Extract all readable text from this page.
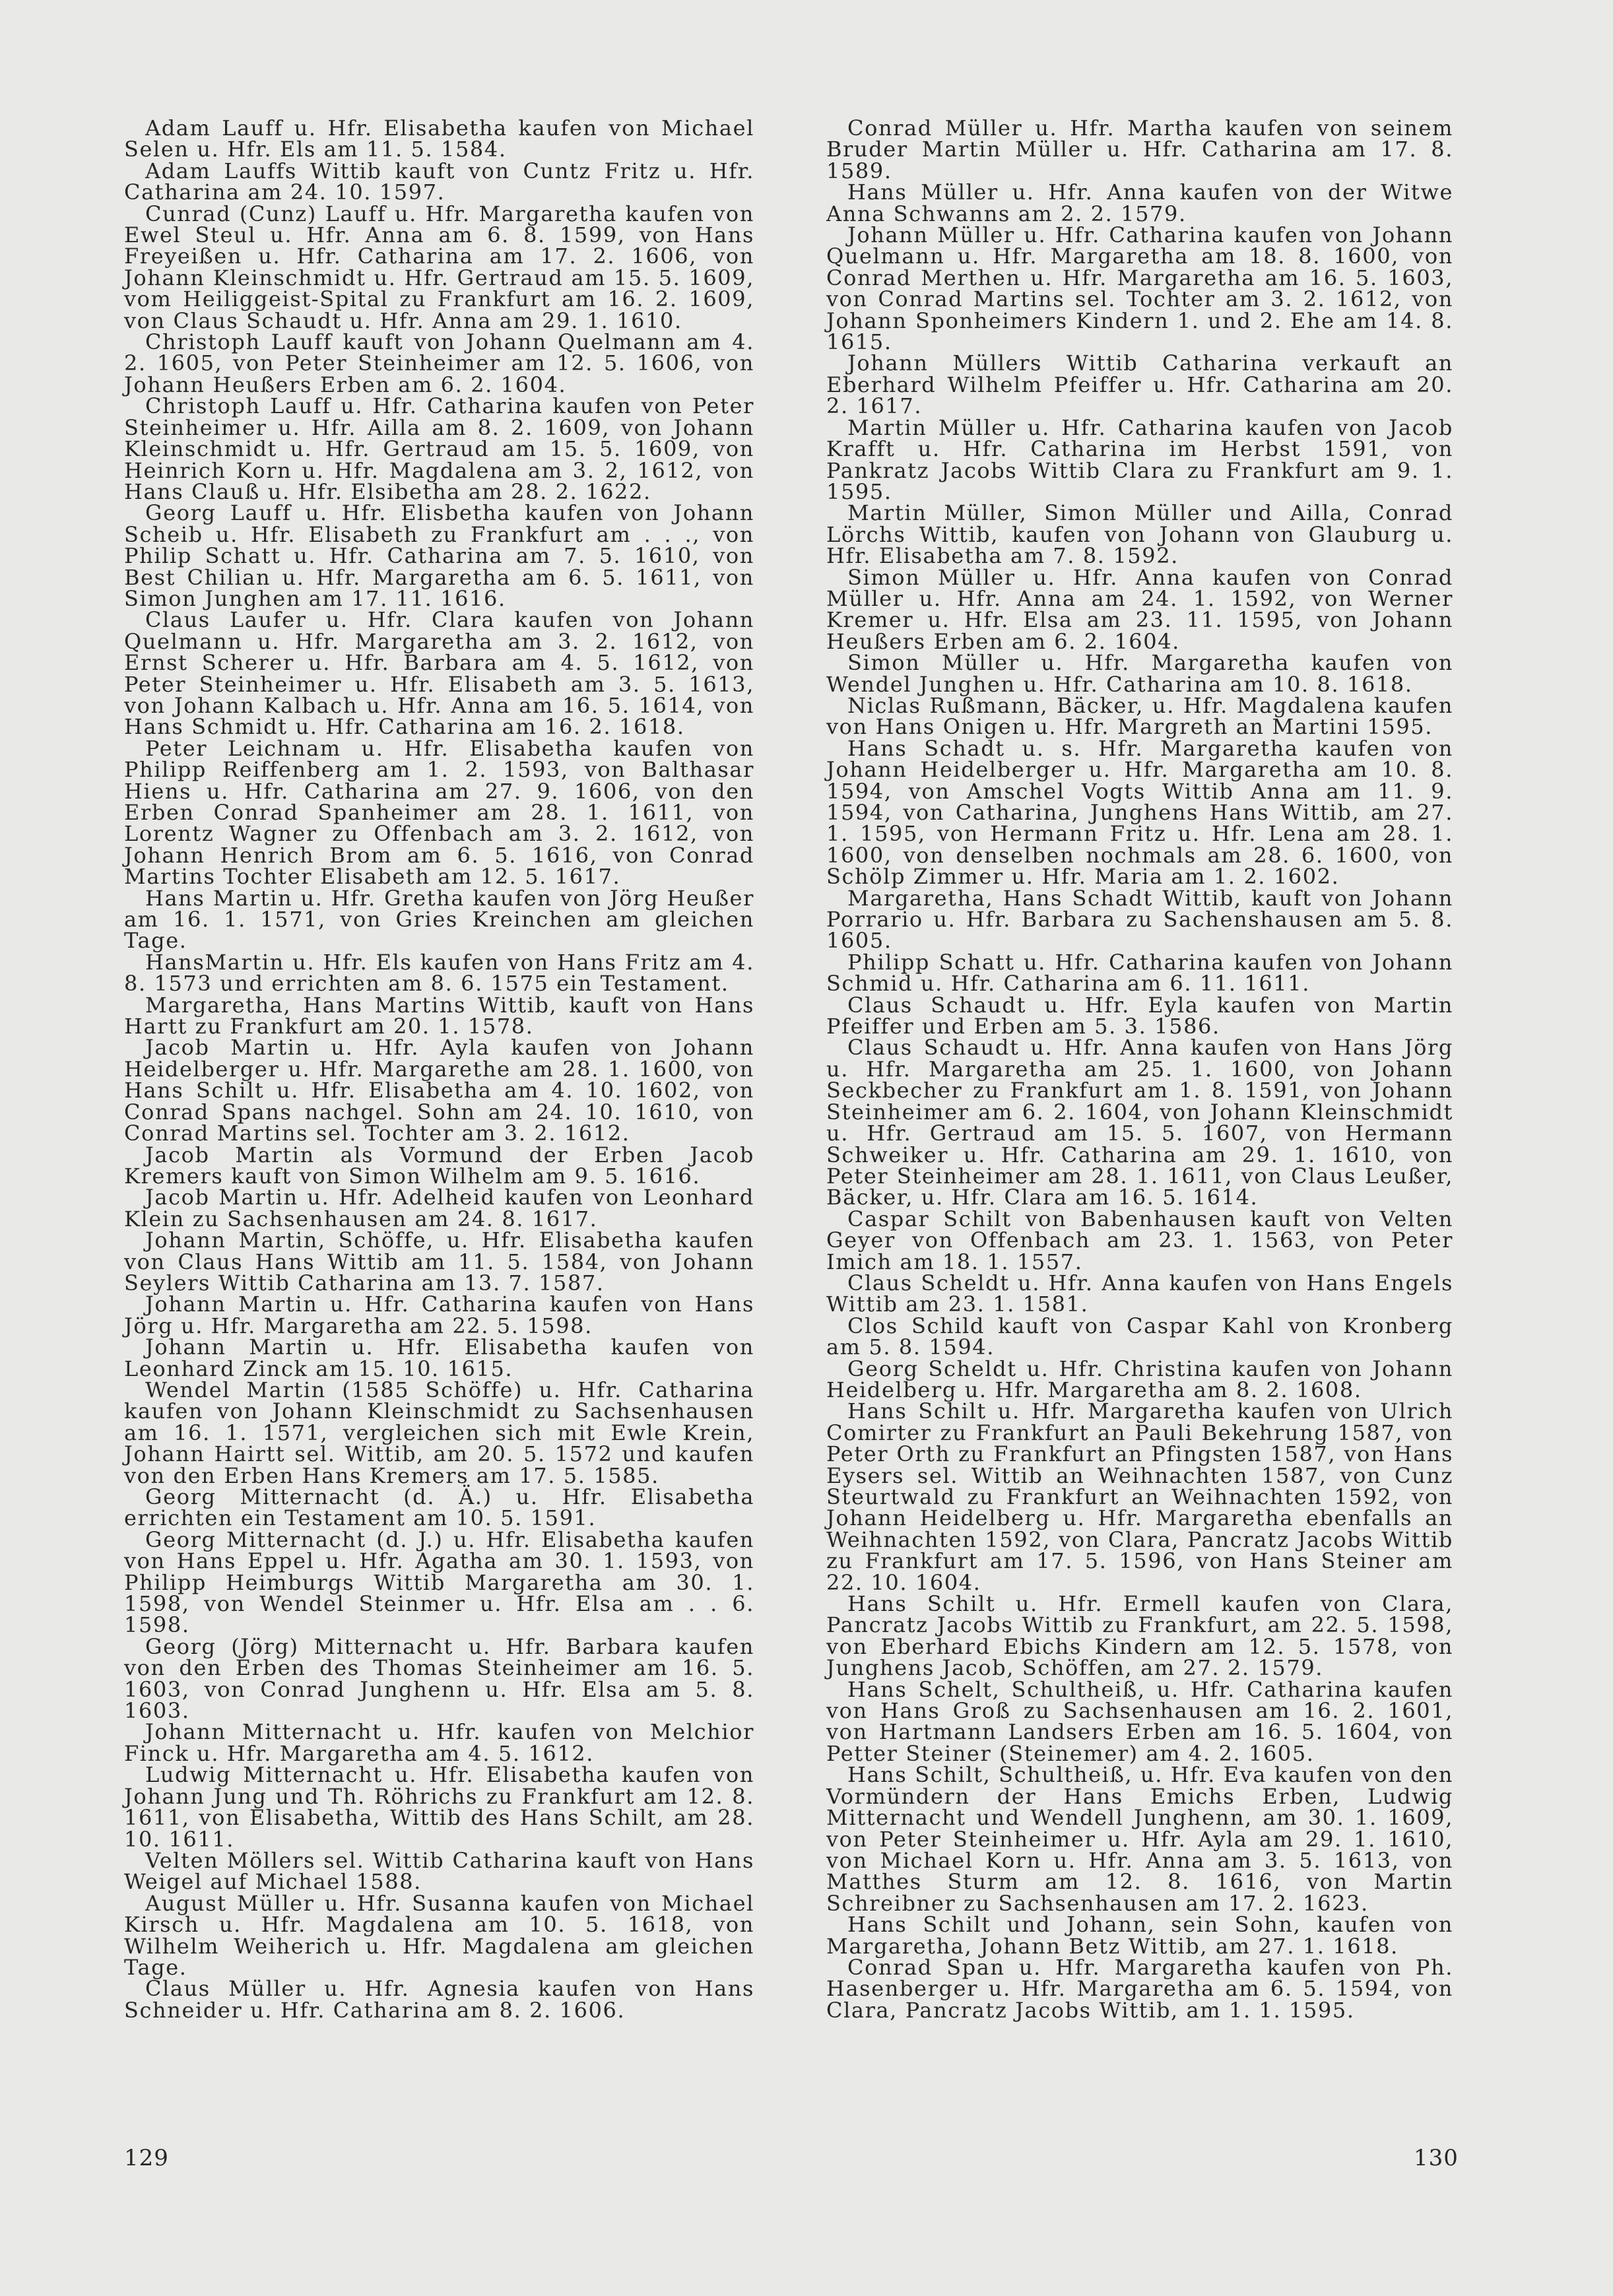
Adam Lauff u. Hfr. Elisabetha kaufen von Michael Selen u. Hfr. Els am 11. 5. 1584.

Adam Lauffs Wittib kauft von Cuntz Fritz u. Hfr. Catharina am 24. 10. 1597.

Cunrad (Cunz) Lauff u. Hfr. Margaretha kaufen von Ewel Steul u. Hfr. Anna am 6. 8. 1599, von Hans Freyeißen u. Hfr. Catharina am 17. 2. 1606, von Johann Kleinschmidt u. Hfr. Gertraud am 15. 5. 1609, vom Heiliggeist-Spital zu Frankfurt am 16. 2. 1609, von Claus Schaudt u. Hfr. Anna am 29. 1. 1610.

Christoph Lauff kauft von Johann Quelmann am 4. 2. 1605, von Peter Steinheimer am 12. 5. 1606, von Johann Heußers Erben am 6. 2. 1604.

Christoph Lauff u. Hfr. Catharina kaufen von Peter Steinheimer u. Hfr. Ailla am 8. 2. 1609, von Johann Kleinschmidt u. Hfr. Gertraud am 15. 5. 1609, von Heinrich Korn u. Hfr. Magdalena am 3. 2, 1612, von Hans Clauß u. Hfr. Elsibetha am 28. 2. 1622.

Georg Lauff u. Hfr. Elisbetha kaufen von Johann Scheib u. Hfr. Elisabeth zu Frankfurt am . . ., von Philip Schatt u. Hfr. Catharina am 7. 5. 1610, von Best Chilian u. Hfr. Margaretha am 6. 5. 1611, von Simon Junghen am 17. 11. 1616.

Claus Laufer u. Hfr. Clara kaufen von Johann Quelmann u. Hfr. Margaretha am 3. 2. 1612, von Ernst Scherer u. Hfr. Barbara am 4. 5. 1612, von Peter Steinheimer u. Hfr. Elisabeth am 3. 5. 1613, von Johann Kalbach u. Hfr. Anna am 16. 5. 1614, von Hans Schmidt u. Hfr. Catharina am 16. 2. 1618.

Peter Leichnam u. Hfr. Elisabetha kaufen von Philipp Reiffenberg am 1. 2. 1593, von Balthasar Hiens u. Hfr. Catharina am 27. 9. 1606, von den Erben Conrad Spanheimer am 28. 1. 1611, von Lorentz Wagner zu Offenbach am 3. 2. 1612, von Johann Henrich Brom am 6. 5. 1616, von Conrad Martins Tochter Elisabeth am 12. 5. 1617.

Hans Martin u. Hfr. Gretha kaufen von Jörg Heußer am 16. 1. 1571, von Gries Kreinchen am gleichen Tage.

HansMartin u. Hfr. Els kaufen von Hans Fritz am 4. 8. 1573 und errichten am 8. 6. 1575 ein Testament.

Margaretha, Hans Martins Wittib, kauft von Hans Hartt zu Frankfurt am 20. 1. 1578.

Jacob Martin u. Hfr. Ayla kaufen von Johann Heidelberger u. Hfr. Margarethe am 28. 1. 1600, von Hans Schilt u. Hfr. Elisabetha am 4. 10. 1602, von Conrad Spans nachgel. Sohn am 24. 10. 1610, von Conrad Martins sel. Tochter am 3. 2. 1612.

Jacob Martin als Vormund der Erben Jacob Kremers kauft von Simon Wilhelm am 9. 5. 1616.

Jacob Martin u. Hfr. Adelheid kaufen von Leonhard Klein zu Sachsenhausen am 24. 8. 1617.

Johann Martin, Schöffe, u. Hfr. Elisabetha kaufen von Claus Hans Wittib am 11. 5. 1584, von Johann Seylers Wittib Catharina am 13. 7. 1587.

Johann Martin u. Hfr. Catharina kaufen von Hans Jörg u. Hfr. Margaretha am 22. 5. 1598.

Johann Martin u. Hfr. Elisabetha kaufen von Leonhard Zinck am 15. 10. 1615.

Wendel Martin (1585 Schöffe) u. Hfr. Catharina kaufen von Johann Kleinschmidt zu Sachsenhausen am 16. 1. 1571, vergleichen sich mit Ewle Krein, Johann Hairtt sel. Wittib, am 20. 5. 1572 und kaufen von den Erben Hans Kremers am 17. 5. 1585.

Georg Mitternacht (d. Ä.) u. Hfr. Elisabetha errichten ein Testament am 10. 5. 1591.

Georg Mitternacht (d. J.) u. Hfr. Elisabetha kaufen von Hans Eppel u. Hfr. Agatha am 30. 1. 1593, von Philipp Heimburgs Wittib Margaretha am 30. 1. 1598, von Wendel Steinmer u. Hfr. Elsa am . . 6. 1598.

Georg (Jörg) Mitternacht u. Hfr. Barbara kaufen von den Erben des Thomas Steinheimer am 16. 5. 1603, von Conrad Junghenn u. Hfr. Elsa am 5. 8. 1603.

Johann Mitternacht u. Hfr. kaufen von Melchior Finck u. Hfr. Margaretha am 4. 5. 1612.

Ludwig Mitternacht u. Hfr. Elisabetha kaufen von Johann Jung und Th. Röhrichs zu Frankfurt am 12. 8. 1611, von Elisabetha, Wittib des Hans Schilt, am 28. 10. 1611.

Velten Möllers sel. Wittib Catharina kauft von Hans Weigel auf Michael 1588.

August Müller u. Hfr. Susanna kaufen von Michael Kirsch u. Hfr. Magdalena am 10. 5. 1618, von Wilhelm Weiherich u. Hfr. Magdalena am gleichen Tage.

Claus Müller u. Hfr. Agnesia kaufen von Hans Schneider u. Hfr. Catharina am 8. 2. 1606.

Conrad Müller u. Hfr. Martha kaufen von seinem Bruder Martin Müller u. Hfr. Catharina am 17. 8. 1589.

Hans Müller u. Hfr. Anna kaufen von der Witwe Anna Schwanns am 2. 2. 1579.

Johann Müller u. Hfr. Catharina kaufen von Johann Quelmann u. Hfr. Margaretha am 18. 8. 1600, von Conrad Merthen u. Hfr. Margaretha am 16. 5. 1603, von Conrad Martins sel. Tochter am 3. 2. 1612, von Johann Sponheimers Kindern 1. und 2. Ehe am 14. 8. 1615.

Johann Müllers Wittib Catharina verkauft an Eberhard Wilhelm Pfeiffer u. Hfr. Catharina am 20. 2. 1617.

Martin Müller u. Hfr. Catharina kaufen von Jacob Krafft u. Hfr. Catharina im Herbst 1591, von Pankratz Jacobs Wittib Clara zu Frankfurt am 9. 1. 1595.

Martin Müller, Simon Müller und Ailla, Conrad Lörchs Wittib, kaufen von Johann von Glauburg u. Hfr. Elisabetha am 7. 8. 1592.

Simon Müller u. Hfr. Anna kaufen von Conrad Müller u. Hfr. Anna am 24. 1. 1592, von Werner Kremer u. Hfr. Elsa am 23. 11. 1595, von Johann Heußers Erben am 6. 2. 1604.

Simon Müller u. Hfr. Margaretha kaufen von Wendel Junghen u. Hfr. Catharina am 10. 8. 1618.

Niclas Rußmann, Bäcker, u. Hfr. Magdalena kaufen von Hans Onigen u. Hfr. Margreth an Martini 1595.

Hans Schadt u. s. Hfr. Margaretha kaufen von Johann Heidelberger u. Hfr. Margaretha am 10. 8. 1594, von Amschel Vogts Wittib Anna am 11. 9. 1594, von Catharina, Junghens Hans Wittib, am 27. 1. 1595, von Hermann Fritz u. Hfr. Lena am 28. 1. 1600, von denselben nochmals am 28. 6. 1600, von Schölp Zimmer u. Hfr. Maria am 1. 2. 1602.

Margaretha, Hans Schadt Wittib, kauft von Johann Porrario u. Hfr. Barbara zu Sachenshausen am 5. 8. 1605.

Philipp Schatt u. Hfr. Catharina kaufen von Johann Schmid u. Hfr. Catharina am 6. 11. 1611.

Claus Schaudt u. Hfr. Eyla kaufen von Martin Pfeiffer und Erben am 5. 3. 1586.

Claus Schaudt u. Hfr. Anna kaufen von Hans Jörg u. Hfr. Margaretha am 25. 1. 1600, von Johann Seckbecher zu Frankfurt am 1. 8. 1591, von Johann Steinheimer am 6. 2. 1604, von Johann Kleinschmidt u. Hfr. Gertraud am 15. 5. 1607, von Hermann Schweiker u. Hfr. Catharina am 29. 1. 1610, von Peter Steinheimer am 28. 1. 1611, von Claus Leußer, Bäcker, u. Hfr. Clara am 16. 5. 1614.

Caspar Schilt von Babenhausen kauft von Velten Geyer von Offenbach am 23. 1. 1563, von Peter Imich am 18. 1. 1557.

Claus Scheldt u. Hfr. Anna kaufen von Hans Engels Wittib am 23. 1. 1581.

Clos Schild kauft von Caspar Kahl von Kronberg am 5. 8. 1594.

Georg Scheldt u. Hfr. Christina kaufen von Johann Heidelberg u. Hfr. Margaretha am 8. 2. 1608.

Hans Schilt u. Hfr. Margaretha kaufen von Ulrich Comirter zu Frankfurt an Pauli Bekehrung 1587, von Peter Orth zu Frankfurt an Pfingsten 1587, von Hans Eysers sel. Wittib an Weihnachten 1587, von Cunz Steurtwald zu Frankfurt an Weihnachten 1592, von Johann Heidelberg u. Hfr. Margaretha ebenfalls an Weihnachten 1592, von Clara, Pancratz Jacobs Wittib zu Frankfurt am 17. 5. 1596, von Hans Steiner am 22. 10. 1604.

Hans Schilt u. Hfr. Ermell kaufen von Clara, Pancratz Jacobs Wittib zu Frankfurt, am 22. 5. 1598, von Eberhard Ebichs Kindern am 12. 5. 1578, von Junghens Jacob, Schöffen, am 27. 2. 1579.

Hans Schelt, Schultheiß, u. Hfr. Catharina kaufen von Hans Groß zu Sachsenhausen am 16. 2. 1601, von Hartmann Landsers Erben am 16. 5. 1604, von Petter Steiner (Steinemer) am 4. 2. 1605.

Hans Schilt, Schultheiß, u. Hfr. Eva kaufen von den Vormündern der Hans Emichs Erben, Ludwig Mitternacht und Wendell Junghenn, am 30. 1. 1609, von Peter Steinheimer u. Hfr. Ayla am 29. 1. 1610, von Michael Korn u. Hfr. Anna am 3. 5. 1613, von Matthes Sturm am 12. 8. 1616, von Martin Schreibner zu Sachsenhausen am 17. 2. 1623.

Hans Schilt und Johann, sein Sohn, kaufen von Margaretha, Johann Betz Wittib, am 27. 1. 1618.

Conrad Span u. Hfr. Margaretha kaufen von Ph. Hasenberger u. Hfr. Margaretha am 6. 5. 1594, von Clara, Pancratz Jacobs Wittib, am 1. 1. 1595.

129	130
